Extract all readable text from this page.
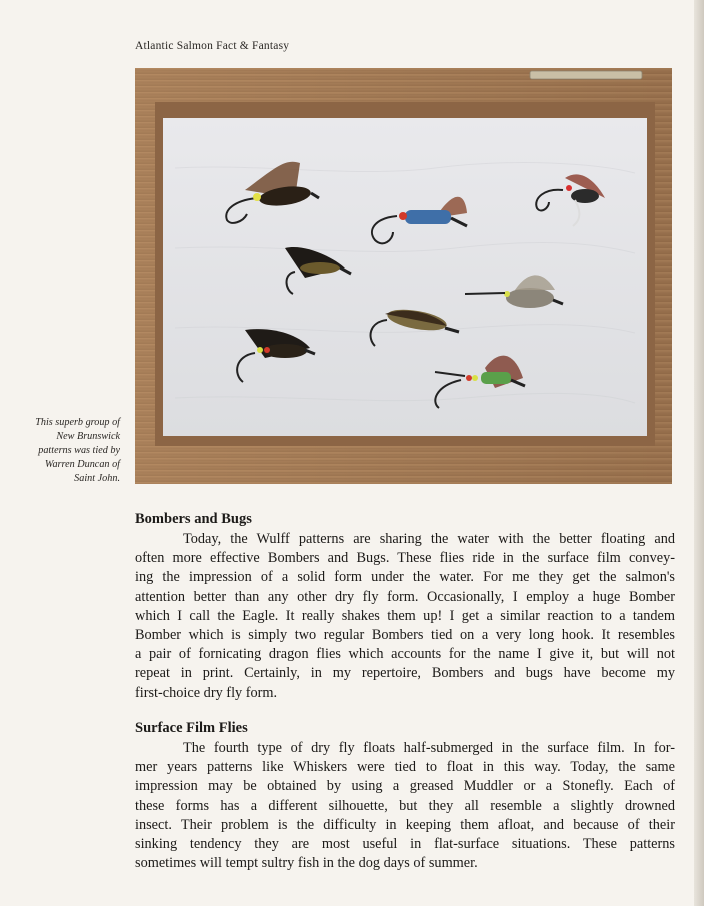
Atlantic Salmon Fact & Fantasy
This superb group of
New Brunswick
patterns was tied by
Warren Duncan of
Saint John.
Bombers and Bugs
Today, the Wulff patterns are sharing the water with the better floating and
often more effective Bombers and Bugs. These flies ride in the surface film convey-
ing the impression of a solid form under the water. For me they get the salmon's
attention better than any other dry fly form. Occasionally, I employ a huge Bomber
which I call the Eagle. It really shakes them up! I get a similar reaction to a tandem
Bomber which is simply two regular Bombers tied on a very long hook. It resembles
a pair of fornicating dragon flies which accounts for the name I give it, but will not
repeat in print. Certainly, in my repertoire, Bombers and bugs have become my
first-choice dry fly form.
Surface Film Flies
The fourth type of dry fly floats half-submerged in the surface film. In for-
mer years patterns like Whiskers were tied to float in this way. Today, the same
impression may be obtained by using a greased Muddler or a Stonefly. Each of
these forms has a different silhouette, but they all resemble a slightly drowned
insect. Their problem is the difficulty in keeping them afloat, and because of their
sinking tendency they are most useful in flat-surface situations. These patterns
sometimes will tempt sultry fish in the dog days of summer.
